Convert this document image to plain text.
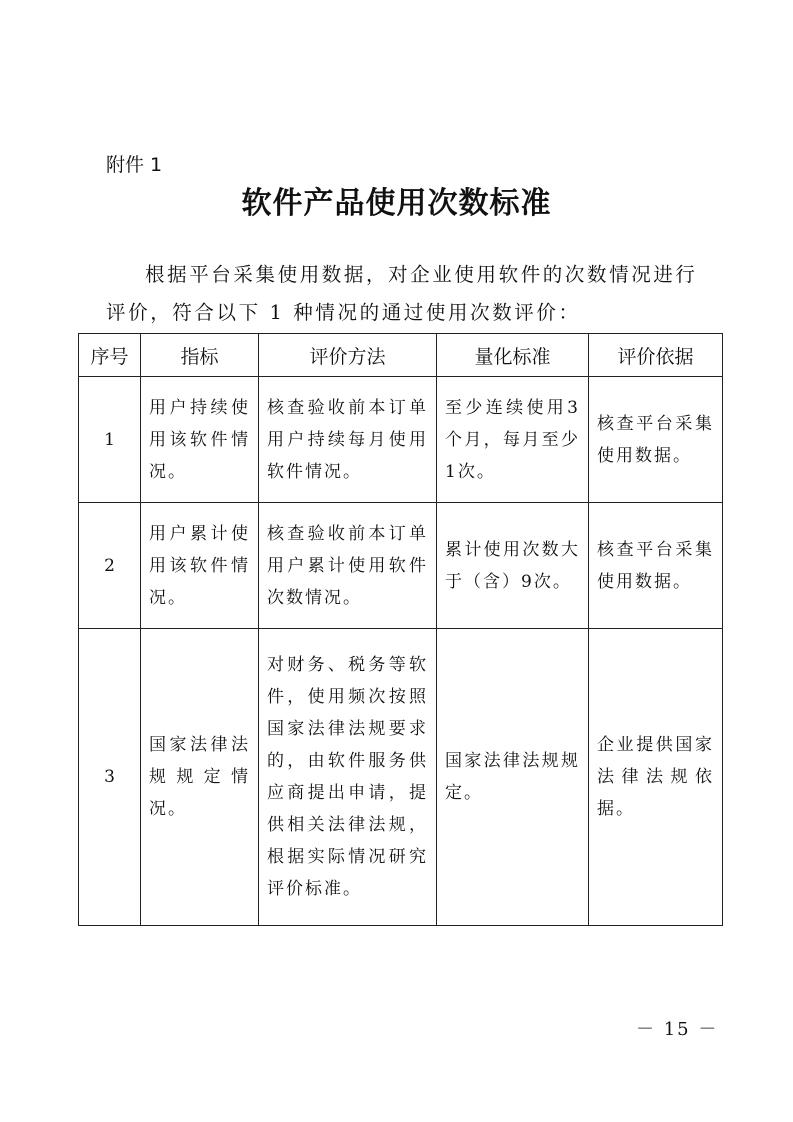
附件 1
软件产品使用次数标准

根据平台采集使用数据，对企业使用软件的次数情况进行评价，符合以下 1 种情况的通过使用次数评价：

序号	指标	评价方法	量化标准	评价依据
1	用户持续使用该软件情况。	核查验收前本订单用户持续每月使用软件情况。	至少连续使用3个月，每月至少1次。	核查平台采集使用数据。
2	用户累计使用该软件情况。	核查验收前本订单用户累计使用软件次数情况。	累计使用次数大于（含）9次。	核查平台采集使用数据。
3	国家法律法规规定情况。	对财务、税务等软件，使用频次按照国家法律法规要求的，由软件服务供应商提出申请，提供相关法律法规，根据实际情况研究评价标准。	国家法律法规规定。	企业提供国家法律法规依据。
－ 15 －
